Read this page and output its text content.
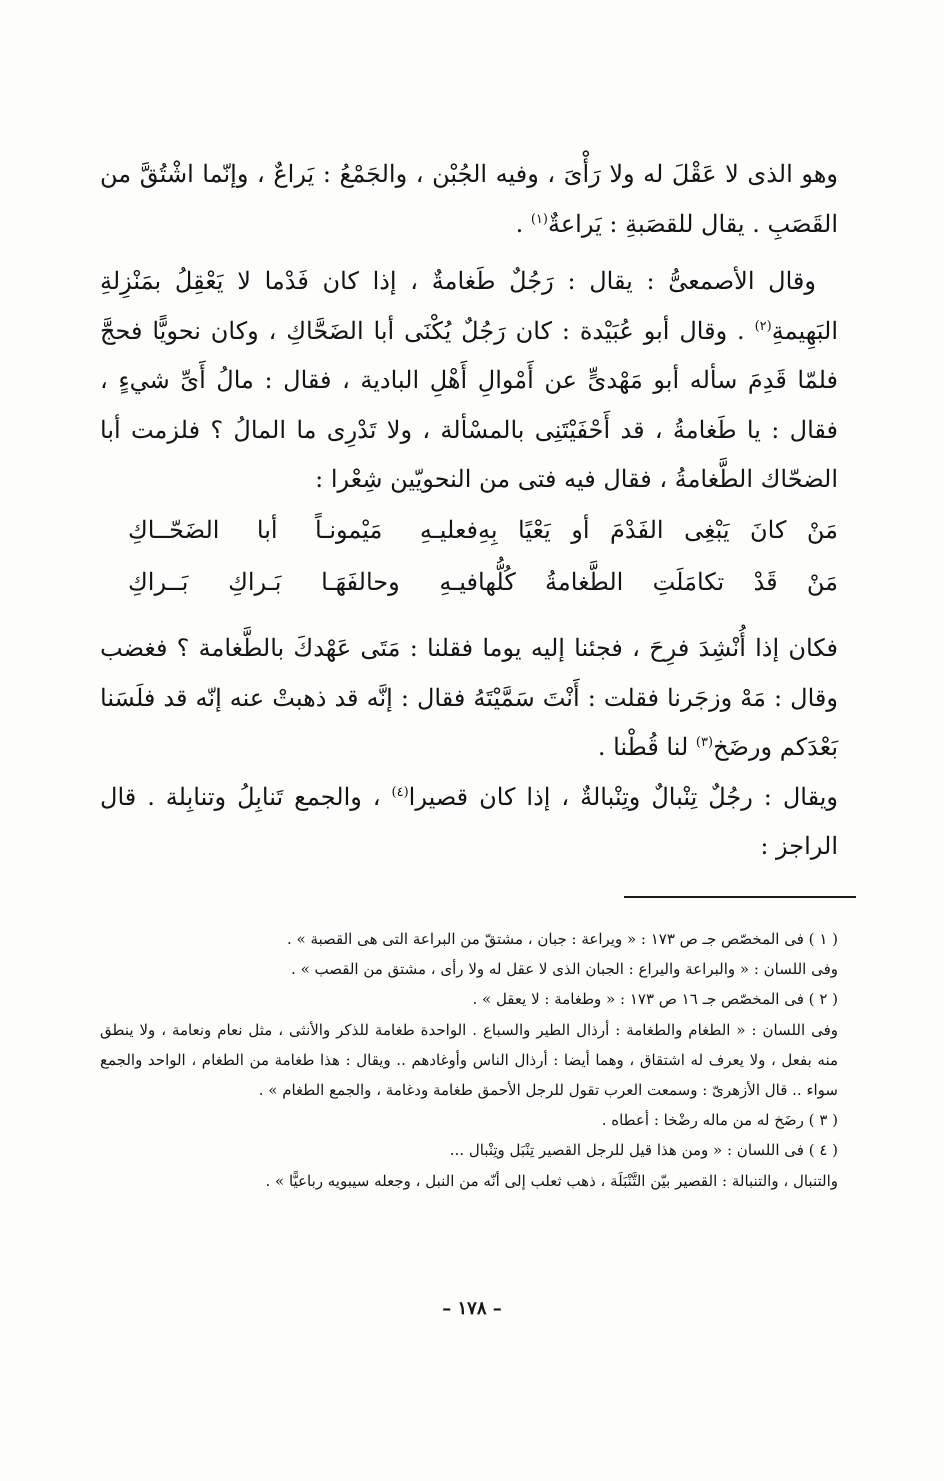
وهو الذى لا عَقْلَ له ولا رَأْىَ ، وفيه الجُبْن ، والجَمْعُ : يَراعٌ ، وإنّما اشْتُقَّ من القَصَبِ . يقال للقصَبةِ : يَراعةٌ$^{(١)}$ .

وقال الأصمعىُّ : يقال : رَجُلٌ طَغامةٌ ، إذا كان فَدْما لا يَعْقِلُ بمَنْزِلةِ البَهِيمةِ$^{(٢)}$ . وقال أبو عُبَيْدة : كان رَجُلٌ يُكْنَى أبا الضَحَّاكِ ، وكان نحويًّا فحجَّ فلمّا قَدِمَ سأله أبو مَهْدىٍّ عن أَمْوالِ أَهْلِ البادية ، فقال : مالُ أَىِّ شيءٍ ، فقال : يا طَغامةُ ، قد أَحْفَيْتَنِى بالمسْألة ، ولا تَدْرِى ما المالُ ؟ فلزمت أبا الضحّاك الطَّغامةُ ، فقال فيه فتى من النحويّين شِعْرا :

مَنْ كانَ يَبْغِى الفَدْمَ أو يَعْيًا بِهِفعليـهِ مَيْمونـاً أبا الضَحّــاكِ
مَنْ قَدْ تكامَلَتِ الطَّغامةُ كُلُّهافيـهِ وحالفَهَـا بَـراكِ بَــراكِ

فكان إذا أُنْشِدَ فرِحَ ، فجئنا إليه يوما فقلنا : مَتَى عَهْدكَ بالطَّغامة ؟ فغضب وقال : مَهْ وزجَرنا فقلت : أَنْتَ سَمَّيْتَهُ فقال : إنَّه قد ذهبتْ عنه إنّه قد فلَسَنا بَعْدَكم ورضَخ$^{(٣)}$ لنا قُطْنا .

ويقال : رجُلٌ تِنْبالٌ وتِنْبالةٌ ، إذا كان قصيرا$^{(٤)}$ ، والجمع تَنابِلُ وتنابِلة . قال الراجز :

( ١ ) فى المخصّص جـ ص ١٧٣ : « ويراعة : جبان ، مشتقّ من البراعة التى هى القصبة » .

وفى اللسان : « والبراعة واليراع : الجبان الذى لا عقل له ولا رأى ، مشتق من القصب » .

( ٢ ) فى المخصّص جـ ١٦ ص ١٧٣ : « وطغامة : لا يعقل » .

وفى اللسان : « الطغام والطغامة : أرذال الطير والسباع . الواحدة طغامة للذكر والأنثى ، مثل نعام ونعامة ، ولا ينطق منه بفعل ، ولا يعرف له اشتقاق ، وهما أيضا : أرذال الناس وأوغادهم .. ويقال : هذا طغامة من الطغام ، الواحد والجمع سواء .. قال الأزهرىّ : وسمعت العرب تقول للرجل الأحمق طغامة ودغامة ، والجمع الطغام » .

( ٣ ) رضَخ له من ماله رضْخا : أعطاه .

( ٤ ) فى اللسان : « ومن هذا قيل للرجل القصير تِنْبَل وتِنْبال ...

والتنبال ، والتنبالة : القصير بيّن التَّنْبَلَة ، ذهب ثعلب إلى أنّه من النبل ، وجعله سيبويه رباعيًّا » .

– ١٧٨ –
